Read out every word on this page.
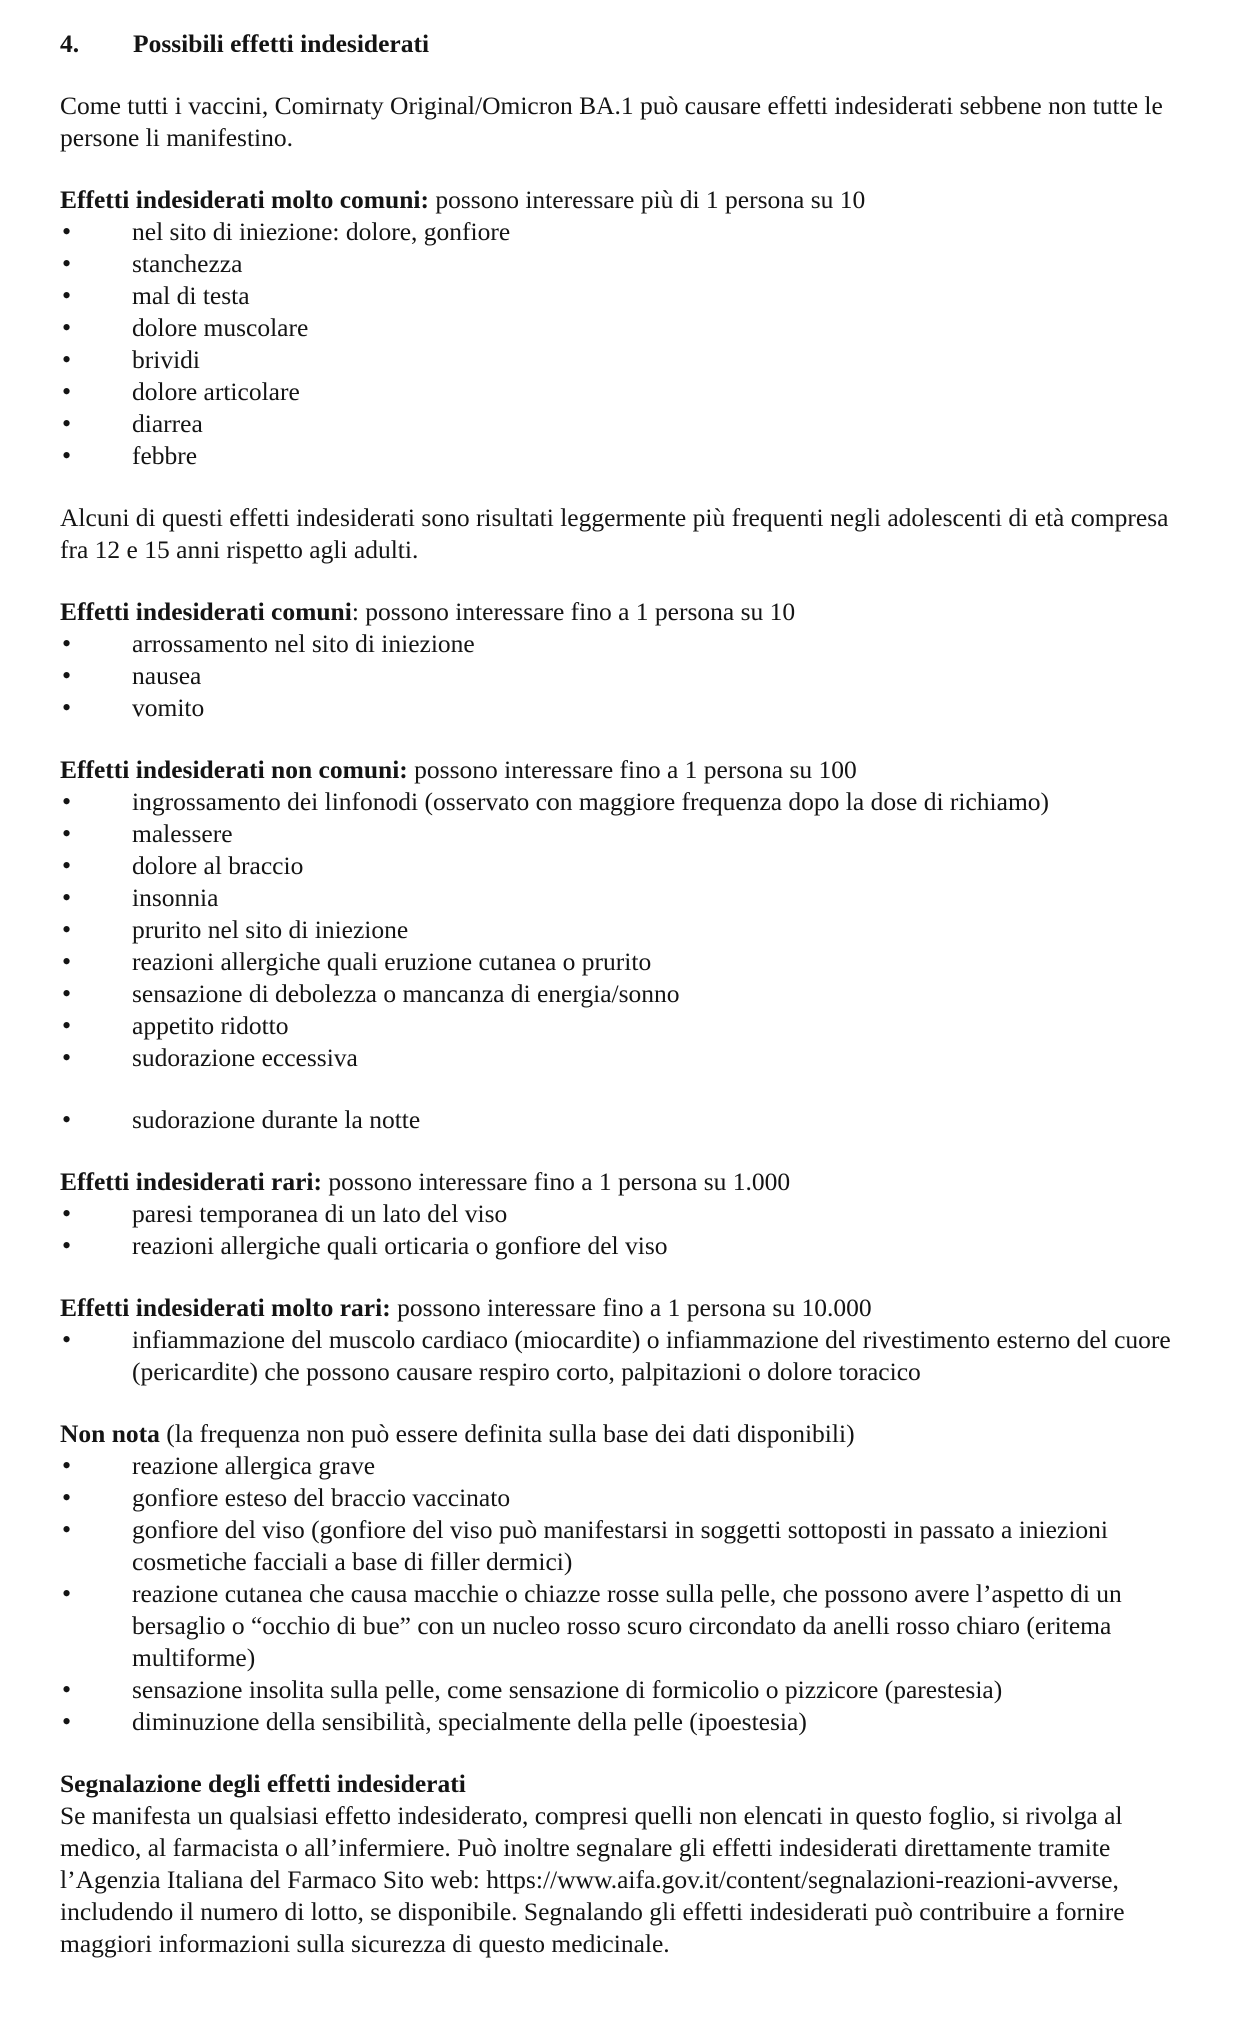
4.	Possibili effetti indesiderati

Come tutti i vaccini, Comirnaty Original/Omicron BA.1 può causare effetti indesiderati sebbene non tutte le persone li manifestino.

Effetti indesiderati molto comuni: possono interessare più di 1 persona su 10

•
nel sito di iniezione: dolore, gonfiore
•
stanchezza
•
mal di testa
•
dolore muscolare
•
brividi
•
dolore articolare
•
diarrea
•
febbre

Alcuni di questi effetti indesiderati sono risultati leggermente più frequenti negli adolescenti di età compresa fra 12 e 15 anni rispetto agli adulti.

Effetti indesiderati comuni: possono interessare fino a 1 persona su 10

•
arrossamento nel sito di iniezione
•
nausea
•
vomito

Effetti indesiderati non comuni: possono interessare fino a 1 persona su 100

•
ingrossamento dei linfonodi (osservato con maggiore frequenza dopo la dose di richiamo)
•
malessere
•
dolore al braccio
•
insonnia
•
prurito nel sito di iniezione
•
reazioni allergiche quali eruzione cutanea o prurito
•
sensazione di debolezza o mancanza di energia/sonno
•
appetito ridotto
•
sudorazione eccessiva
•
sudorazione durante la notte

Effetti indesiderati rari: possono interessare fino a 1 persona su 1.000

•
paresi temporanea di un lato del viso
•
reazioni allergiche quali orticaria o gonfiore del viso

Effetti indesiderati molto rari: possono interessare fino a 1 persona su 10.000

•
infiammazione del muscolo cardiaco (miocardite) o infiammazione del rivestimento esterno del cuore (pericardite) che possono causare respiro corto, palpitazioni o dolore toracico

Non nota (la frequenza non può essere definita sulla base dei dati disponibili)

•
reazione allergica grave
•
gonfiore esteso del braccio vaccinato
•
gonfiore del viso (gonfiore del viso può manifestarsi in soggetti sottoposti in passato a iniezioni cosmetiche facciali a base di filler dermici)
•
reazione cutanea che causa macchie o chiazze rosse sulla pelle, che possono avere l’aspetto di un bersaglio o “occhio di bue” con un nucleo rosso scuro circondato da anelli rosso chiaro (eritema multiforme)
•
sensazione insolita sulla pelle, come sensazione di formicolio o pizzicore (parestesia)
•
diminuzione della sensibilità, specialmente della pelle (ipoestesia)

Segnalazione degli effetti indesiderati

Se manifesta un qualsiasi effetto indesiderato, compresi quelli non elencati in questo foglio, si rivolga al medico, al farmacista o all’infermiere. Può inoltre segnalare gli effetti indesiderati direttamente tramite l’Agenzia Italiana del Farmaco Sito web: https://www.aifa.gov.it/content/segnalazioni-reazioni-avverse, includendo il numero di lotto, se disponibile. Segnalando gli effetti indesiderati può contribuire a fornire maggiori informazioni sulla sicurezza di questo medicinale.
